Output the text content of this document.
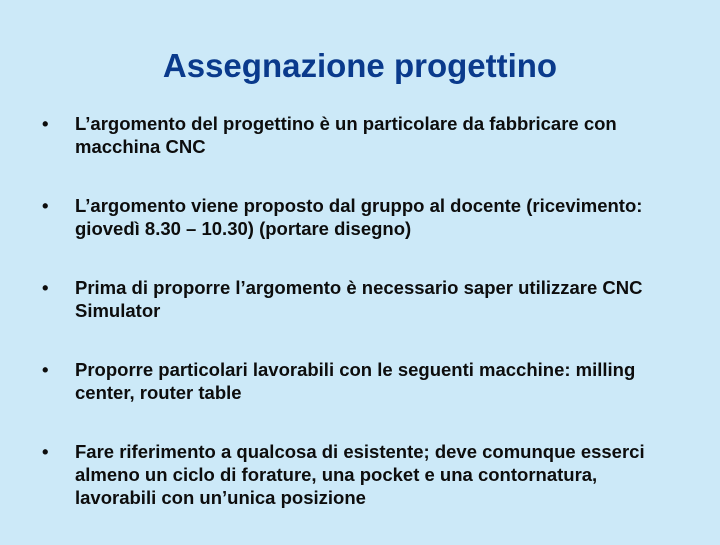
Assegnazione progettino
• L’argomento del progettino è un particolare da fabbricare con macchina CNC
• L’argomento viene proposto dal gruppo al docente (ricevimento: giovedì 8.30 – 10.30) (portare disegno)
• Prima di proporre l’argomento è necessario saper utilizzare CNC Simulator
• Proporre particolari lavorabili con le seguenti macchine: milling center, router table
• Fare riferimento a qualcosa di esistente; deve comunque esserci almeno un ciclo di forature, una pocket e una contornatura, lavorabili con un’unica posizione
